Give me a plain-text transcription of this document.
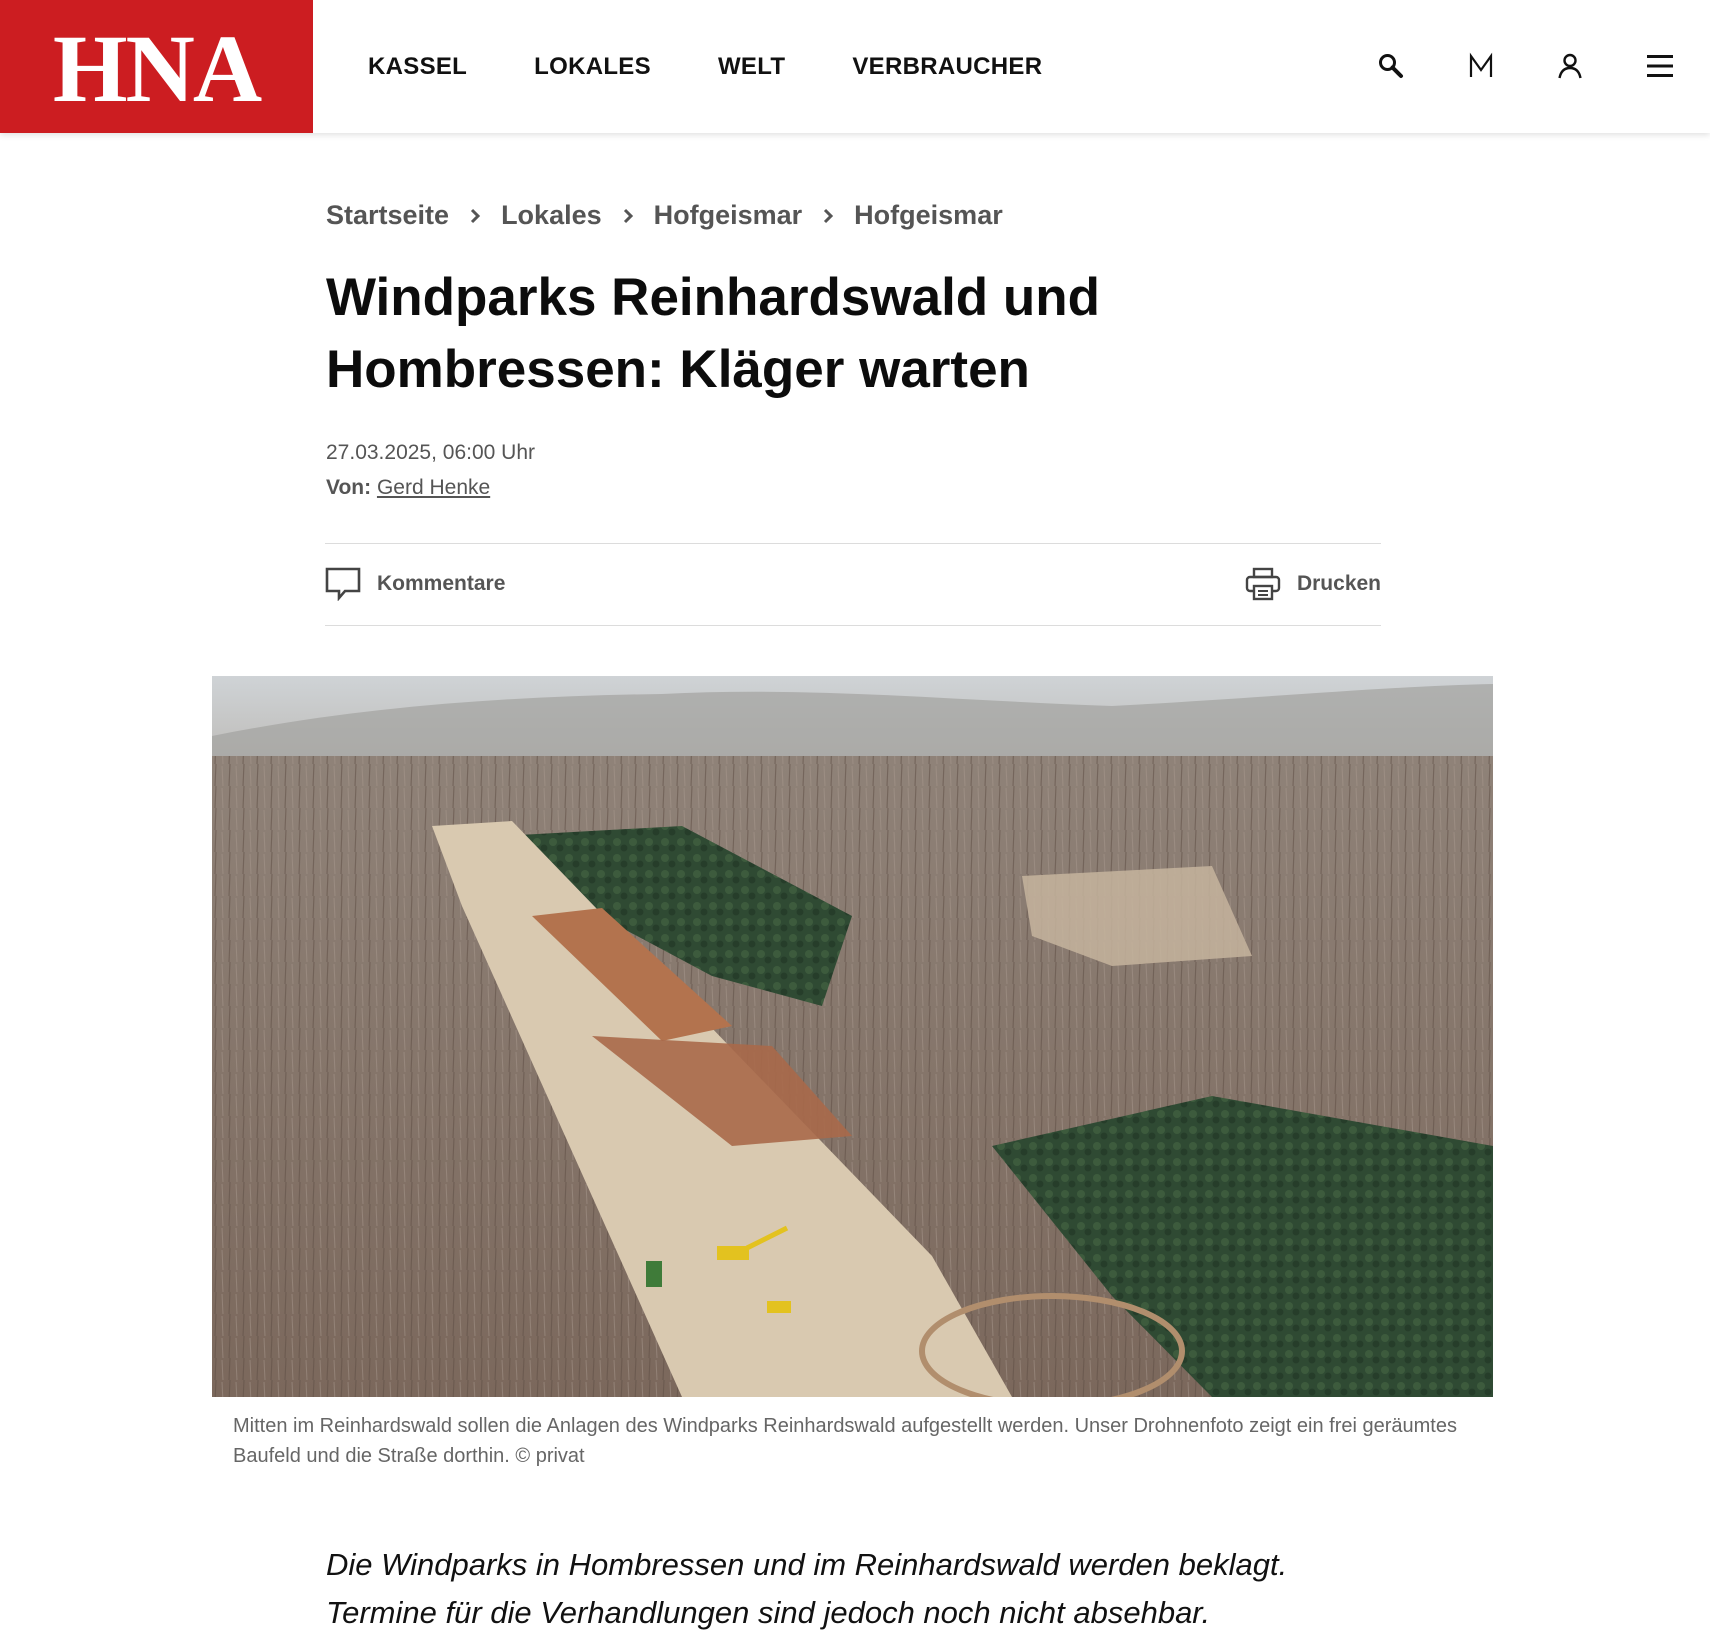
HNA	KASSEL	LOKALES	WELT	VERBRAUCHER
Startseite Lokales Hofgeismar Hofgeismar
Windparks Reinhardswald und Hombressen: Kläger warten
27.03.2025, 06:00 Uhr
Von: Gerd Henke
Kommentare	Drucken
Mitten im Reinhardswald sollen die Anlagen des Windparks Reinhardswald aufgestellt werden. Unser Drohnenfoto zeigt ein frei geräumtes Baufeld und die Straße dorthin. © privat
Die Windparks in Hombressen und im Reinhardswald werden beklagt. Termine für die Verhandlungen sind jedoch noch nicht absehbar.
